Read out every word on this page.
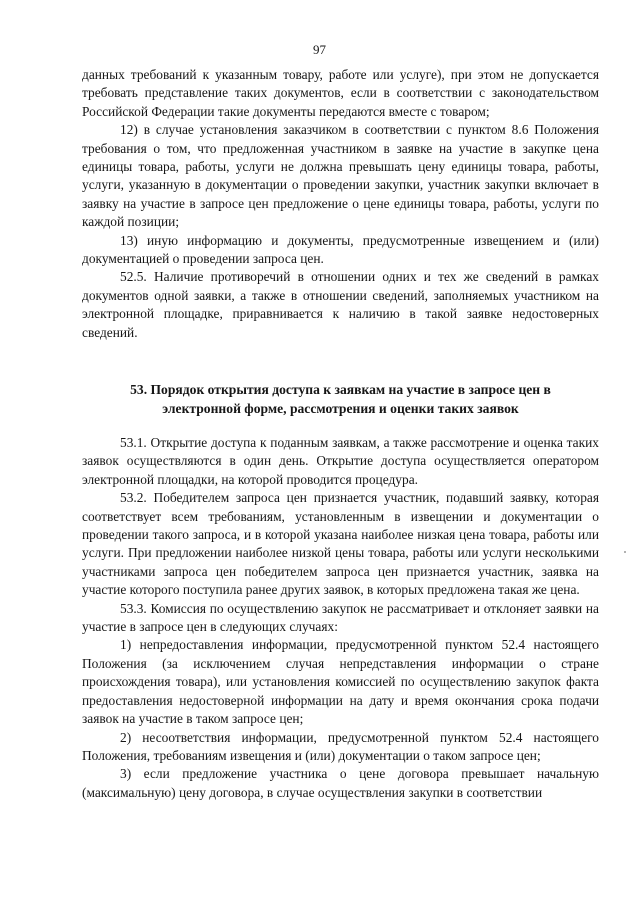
97

данных требований к указанным товару, работе или услуге), при этом не допускается требовать представление таких документов, если в соответствии с законодательством Российской Федерации такие документы передаются вместе с товаром;

12) в случае установления заказчиком в соответствии с пунктом 8.6 Положения требования о том, что предложенная участником в заявке на участие в закупке цена единицы товара, работы, услуги не должна превышать цену единицы товара, работы, услуги, указанную в документации о проведении закупки, участник закупки включает в заявку на участие в запросе цен предложение о цене единицы товара, работы, услуги по каждой позиции;

13) иную информацию и документы, предусмотренные извещением и (или) документацией о проведении запроса цен.

52.5. Наличие противоречий в отношении одних и тех же сведений в рамках документов одной заявки, а также в отношении сведений, заполняемых участником на электронной площадке, приравнивается к наличию в такой заявке недостоверных сведений.

53. Порядок открытия доступа к заявкам на участие в запросе цен в
электронной форме, рассмотрения и оценки таких заявок

53.1. Открытие доступа к поданным заявкам, а также рассмотрение и оценка таких заявок осуществляются в один день. Открытие доступа осуществляется оператором электронной площадки, на которой проводится процедура.

53.2. Победителем запроса цен признается участник, подавший заявку, которая соответствует всем требованиям, установленным в извещении и документации о проведении такого запроса, и в которой указана наиболее низкая цена товара, работы или услуги. При предложении наиболее низкой цены товара, работы или услуги несколькими участниками запроса цен победителем запроса цен признается участник, заявка на участие которого поступила ранее других заявок, в которых предложена такая же цена.

53.3. Комиссия по осуществлению закупок не рассматривает и отклоняет заявки на участие в запросе цен в следующих случаях:

1) непредоставления информации, предусмотренной пунктом 52.4 настоящего Положения (за исключением случая непредставления информации о стране происхождения товара), или установления комиссией по осуществлению закупок факта предоставления недостоверной информации на дату и время окончания срока подачи заявок на участие в таком запросе цен;

2) несоответствия информации, предусмотренной пунктом 52.4 настоящего Положения, требованиям извещения и (или) документации о таком запросе цен;

3) если предложение участника о цене договора превышает начальную (максимальную) цену договора, в случае осуществления закупки в соответствии
